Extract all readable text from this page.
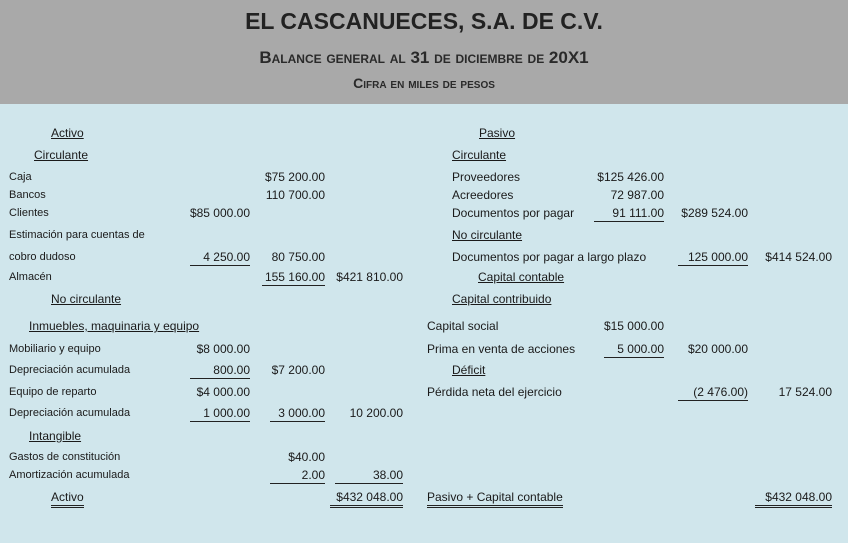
EL CASCANUECES, S.A. DE C.V.
Balance general al 31 de diciembre de 20X1
Cifra en miles de pesos
Activo
Circulante
Caja	$75 200.00
Bancos	110 700.00
Clientes	$85 000.00
Estimación para cuentas de
cobro dudoso	4 250.00	80 750.00
Almacén	155 160.00 $421 810.00
No circulante
Inmuebles, maquinaria y equipo
Mobiliario y equipo	$8 000.00
Depreciación acumulada	800.00	$7 200.00
Equipo de reparto	$4 000.00
Depreciación acumulada	1 000.00	3 000.00	10 200.00
Intangible
Gastos de constitución	$40.00
Amortización acumulada	2.00	38.00
Activo	$432 048.00
Pasivo
Circulante
Proveedores	$125 426.00
Acreedores	72 987.00
Documentos por pagar	91 111.00	$289 524.00
No circulante
Documentos por pagar a largo plazo	125 000.00	$414 524.00
Capital contable
Capital contribuido
Capital social	$15 000.00
Prima en venta de acciones	5 000.00	$20 000.00
Déficit
Pérdida neta del ejercicio	(2 476.00)	17 524.00
Pasivo + Capital contable	$432 048.00
